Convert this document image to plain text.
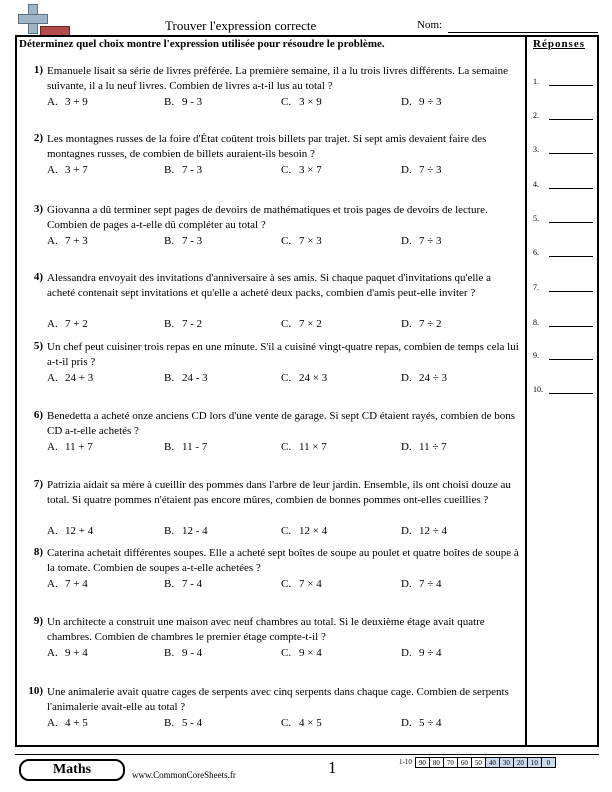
Trouver l'expression correcte	Nom:
Déterminez quel choix montre l'expression utilisée pour résoudre le problème.	Réponses
1.
2.
3.
4.
5.
6.
7.
8.
9.
10.
1) Emanuele lisait sa série de livres préférée. La première semaine, il a lu trois livres différents. La semaine suivante, il a lu neuf livres. Combien de livres a-t-il lus au total ?
A. 3 + 9	B. 9 - 3	C. 3 × 9	D. 9 ÷ 3
2) Les montagnes russes de la foire d'État coûtent trois billets par trajet. Si sept amis devaient faire des montagnes russes, de combien de billets auraient-ils besoin ?
A. 3 + 7	B. 7 - 3	C. 3 × 7	D. 7 ÷ 3
3) Giovanna a dû terminer sept pages de devoirs de mathématiques et trois pages de devoirs de lecture. Combien de pages a-t-elle dû compléter au total ?
A. 7 + 3	B. 7 - 3	C. 7 × 3	D. 7 ÷ 3
4) Alessandra envoyait des invitations d'anniversaire à ses amis. Si chaque paquet d'invitations qu'elle a acheté contenait sept invitations et qu'elle a acheté deux packs, combien d'amis peut-elle inviter ?
A. 7 + 2	B. 7 - 2	C. 7 × 2	D. 7 ÷ 2
5) Un chef peut cuisiner trois repas en une minute. S'il a cuisiné vingt-quatre repas, combien de temps cela lui a-t-il pris ?
A. 24 + 3	B. 24 - 3	C. 24 × 3	D. 24 ÷ 3
6) Benedetta a acheté onze anciens CD lors d'une vente de garage. Si sept CD étaient rayés, combien de bons CD a-t-elle achetés ?
A. 11 + 7	B. 11 - 7	C. 11 × 7	D. 11 ÷ 7
7) Patrizia aidait sa mère à cueillir des pommes dans l'arbre de leur jardin. Ensemble, ils ont choisi douze au total. Si quatre pommes n'étaient pas encore mûres, combien de bonnes pommes ont-elles cueillies ?
A. 12 + 4	B. 12 - 4	C. 12 × 4	D. 12 ÷ 4
8) Caterina achetait différentes soupes. Elle a acheté sept boîtes de soupe au poulet et quatre boîtes de soupe à la tomate. Combien de soupes a-t-elle achetées ?
A. 7 + 4	B. 7 - 4	C. 7 × 4	D. 7 ÷ 4
9) Un architecte a construit une maison avec neuf chambres au total. Si le deuxième étage avait quatre chambres. Combien de chambres le premier étage compte-t-il ?
A. 9 + 4	B. 9 - 4	C. 9 × 4	D. 9 ÷ 4
10) Une animalerie avait quatre cages de serpents avec cinq serpents dans chaque cage. Combien de serpents l'animalerie avait-elle au total ?
A. 4 + 5	B. 5 - 4	C. 4 × 5	D. 5 ÷ 4
Maths	www.CommonCoreSheets.fr	1	1-10	90	80	70	60	50	40	30	20	10	0
